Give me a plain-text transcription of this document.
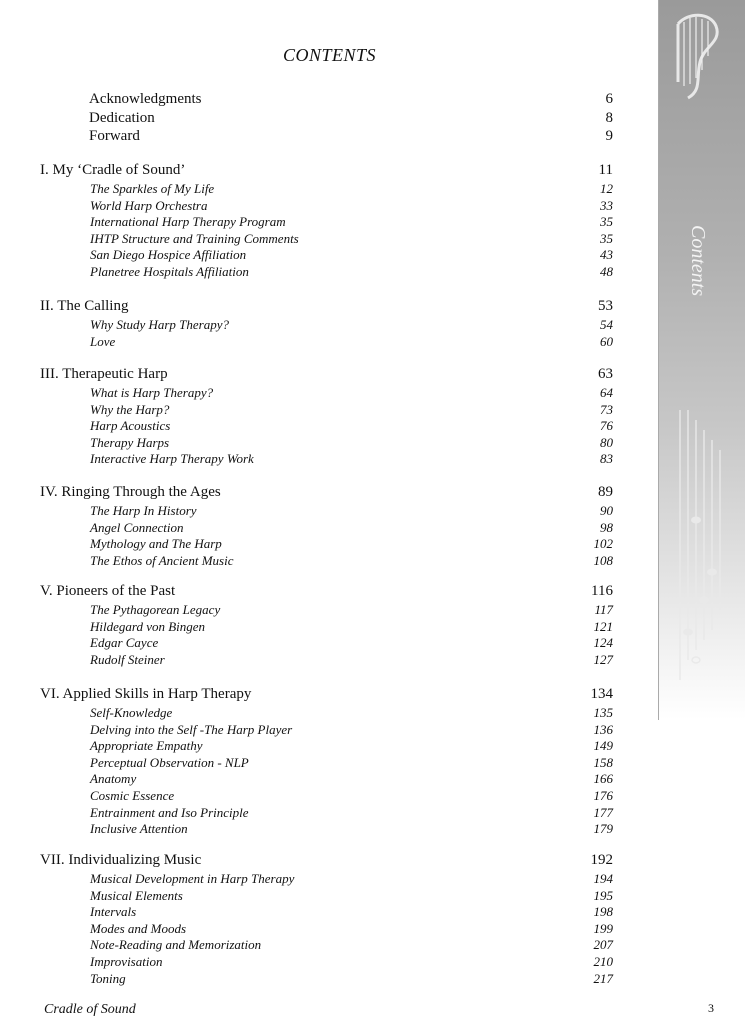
Contents
CONTENTS
Acknowledgments	6
Dedication	8
Forward	9
I. My ‘Cradle of Sound’	11
The Sparkles of My Life	12
World Harp Orchestra	33
International Harp Therapy Program	35
IHTP Structure and Training Comments	35
San Diego Hospice Affiliation	43
Planetree Hospitals Affiliation	48
II. The Calling	53
Why Study Harp Therapy?	54
Love	60
III. Therapeutic Harp	63
What is Harp Therapy?	64
Why the Harp?	73
Harp Acoustics	76
Therapy Harps	80
Interactive Harp Therapy Work	83
IV. Ringing Through the Ages	89
The Harp In History	90
Angel Connection	98
Mythology and The Harp	102
The Ethos of Ancient Music	108
V. Pioneers of the Past	116
The Pythagorean Legacy	117
Hildegard von Bingen	121
Edgar Cayce	124
Rudolf Steiner	127
VI. Applied Skills in Harp Therapy	134
Self-Knowledge	135
Delving into the Self -The Harp Player	136
Appropriate Empathy	149
Perceptual Observation - NLP	158
Anatomy	166
Cosmic Essence	176
Entrainment and Iso Principle	177
Inclusive Attention	179
VII. Individualizing Music	192
Musical Development in Harp Therapy	194
Musical Elements	195
Intervals	198
Modes and Moods	199
Note-Reading and Memorization	207
Improvisation	210
Toning	217
Cradle of Sound	3
